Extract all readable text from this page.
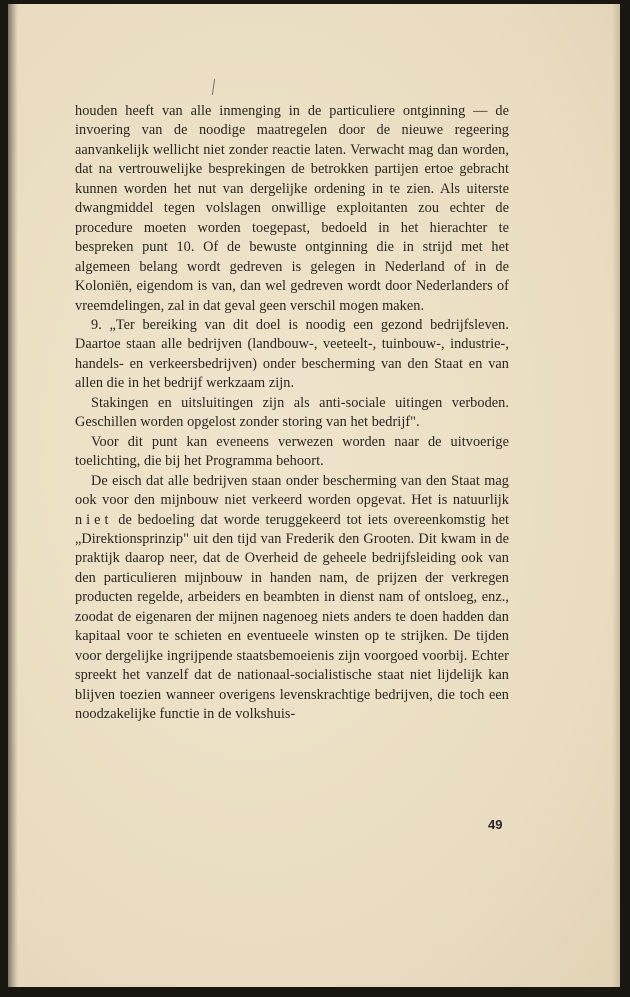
houden heeft van alle inmenging in de particuliere ontginning — de invoering van de noodige maatregelen door de nieuwe regeering aanvankelijk wellicht niet zonder reactie laten. Verwacht mag dan worden, dat na vertrouwelijke besprekingen de betrokken partijen ertoe gebracht kunnen worden het nut van dergelijke ordening in te zien. Als uiterste dwangmiddel tegen volslagen onwillige exploitanten zou echter de procedure moeten worden toegepast, bedoeld in het hierachter te bespreken punt 10. Of de bewuste ontginning die in strijd met het algemeen belang wordt gedreven is gelegen in Nederland of in de Koloniën, eigendom is van, dan wel gedreven wordt door Nederlanders of vreemdelingen, zal in dat geval geen verschil mogen maken.

9. „Ter bereiking van dit doel is noodig een gezond bedrijfsleven. Daartoe staan alle bedrijven (landbouw-, veeteelt-, tuinbouw-, industrie-, handels- en verkeersbedrijven) onder bescherming van den Staat en van allen die in het bedrijf werkzaam zijn.

Stakingen en uitsluitingen zijn als anti-sociale uitingen verboden. Geschillen worden opgelost zonder storing van het bedrijf".

Voor dit punt kan eveneens verwezen worden naar de uitvoerige toelichting, die bij het Programma behoort.

De eisch dat alle bedrijven staan onder bescherming van den Staat mag ook voor den mijnbouw niet verkeerd worden opgevat. Het is natuurlijk niet de bedoeling dat worde teruggekeerd tot iets overeenkomstig het „Direktionsprinzip" uit den tijd van Frederik den Grooten. Dit kwam in de praktijk daarop neer, dat de Overheid de geheele bedrijfsleiding ook van den particulieren mijnbouw in handen nam, de prijzen der verkregen producten regelde, arbeiders en beambten in dienst nam of ontsloeg, enz., zoodat de eigenaren der mijnen nagenoeg niets anders te doen hadden dan kapitaal voor te schieten en eventueele winsten op te strijken. De tijden voor dergelijke ingrijpende staatsbemoeienis zijn voorgoed voorbij. Echter spreekt het vanzelf dat de nationaal-socialistische staat niet lijdelijk kan blijven toezien wanneer overigens levenskrachtige bedrijven, die toch een noodzakelijke functie in de volkshuis-

49
